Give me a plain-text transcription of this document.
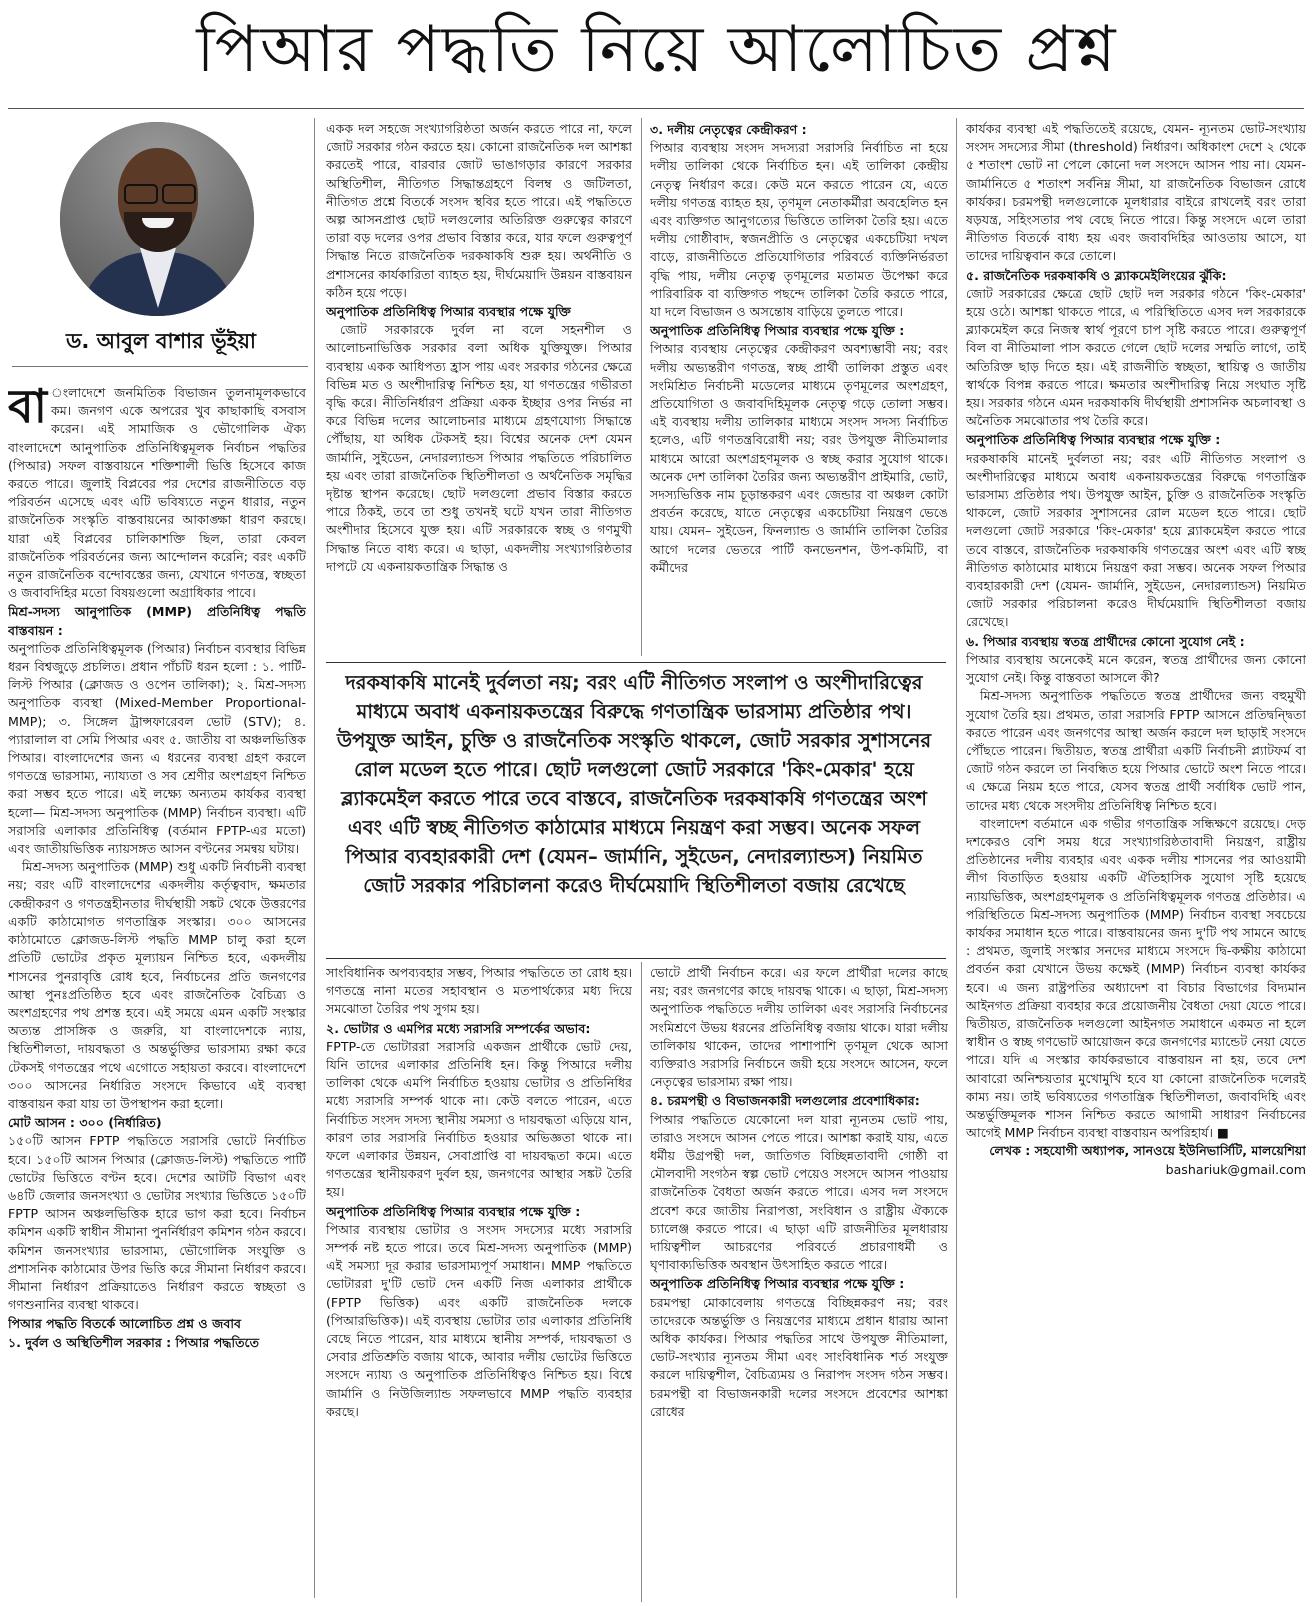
পিআর পদ্ধতি নিয়ে আলোচিত প্রশ্ন
ড. আবুল বাশার ভূঁইয়া

বা ংলাদেশে জনমিতিক বিভাজন তুলনামূলকভাবে কম। জনগণ একে অপরের খুব কাছাকাছি বসবাস করেন। এই সামাজিক ও ভৌগোলিক ঐক্য বাংলাদেশে আনুপাতিক প্রতিনিধিত্বমূলক নির্বাচন পদ্ধতির (পিআর) সফল বাস্তবায়নে শক্তিশালী ভিত্তি হিসেবে কাজ করতে পারে। জুলাই বিপ্লবের পর দেশের রাজনীতিতে বড় পরিবর্তন এসেছে এবং এটি ভবিষ্যতে নতুন ধারার, নতুন রাজনৈতিক সংস্কৃতি বাস্তবায়নের আকাঙ্ক্ষা ধারণ করছে। যারা এই বিপ্লবের চালিকাশক্তি ছিল, তারা কেবল রাজনৈতিক পরিবর্তনের জন্য আন্দোলন করেনি; বরং একটি নতুন রাজনৈতিক বন্দোবস্তের জন্য, যেখানে গণতন্ত্র, স্বচ্ছতা ও জবাবদিহির মতো বিষয়গুলো অগ্রাধিকার পাবে।

মিশ্র-সদস্য আনুপাতিক (MMP) প্রতিনিধিত্ব পদ্ধতি বাস্তবায়ন :

অনুপাতিক প্রতিনিধিত্বমূলক (পিআর) নির্বাচন ব্যবস্থার বিভিন্ন ধরন বিশ্বজুড়ে প্রচলিত। প্রধান পাঁচটি ধরন হলো : ১. পার্টি-লিস্ট পিআর (ক্লোজড ও ওপেন তালিকা); ২. মিশ্র-সদস্য অনুপাতিক ব্যবস্থা (Mixed-Member Proportional-MMP); ৩. সিঙ্গেল ট্রান্সফারেবল ভোট (STV); ৪. প্যারালাল বা সেমি পিআর এবং ৫. জাতীয় বা অঞ্চলভিত্তিক পিআর। বাংলাদেশের জন্য এ ধরনের ব্যবস্থা গ্রহণ করলে গণতন্ত্রে ভারসাম্য, ন্যায্যতা ও সব শ্রেণীর অংশগ্রহণ নিশ্চিত করা সম্ভব হতে পারে। এই লক্ষ্যে অন্যতম কার্যকর ব্যবস্থা হলো— মিশ্র-সদস্য অনুপাতিক (MMP) নির্বাচন ব্যবস্থা। এটি সরাসরি এলাকার প্রতিনিধিত্ব (বর্তমান FPTP-এর মতো) এবং জাতীয়ভিত্তিক ন্যায়সঙ্গত আসন বণ্টনের সমন্বয় ঘটায়।

মিশ্র-সদস্য অনুপাতিক (MMP) শুধু একটি নির্বাচনী ব্যবস্থা নয়; বরং এটি বাংলাদেশের একদলীয় কর্তৃত্ববাদ, ক্ষমতার কেন্দ্রীকরণ ও গণতন্ত্রহীনতার দীর্ঘস্থায়ী সঙ্কট থেকে উত্তরণের একটি কাঠামোগত গণতান্ত্রিক সংস্কার। ৩০০ আসনের কাঠামোতে ক্লোজড-লিস্ট পদ্ধতি MMP চালু করা হলে প্রতিটি ভোটের প্রকৃত মূল্যায়ন নিশ্চিত হবে, একদলীয় শাসনের পুনরাবৃত্তি রোধ হবে, নির্বাচনের প্রতি জনগণের আস্থা পুনঃপ্রতিষ্ঠিত হবে এবং রাজনৈতিক বৈচিত্র্য ও অংশগ্রহণের পথ প্রশস্ত হবে। এই সময়ে এমন একটি সংস্কার অত্যন্ত প্রাসঙ্গিক ও জরুরি, যা বাংলাদেশকে ন্যায়, স্থিতিশীলতা, দায়বদ্ধতা ও অন্তর্ভুক্তির ভারসাম্য রক্ষা করে টেকসই গণতন্ত্রের পথে এগোতে সহায়তা করবে। বাংলাদেশে ৩০০ আসনের নির্ধারিত সংসদে কিভাবে এই ব্যবস্থা বাস্তবায়ন করা যায় তা উপস্থাপন করা হলো।

মোট আসন : ৩০০ (নির্ধারিত)

১৫০টি আসন FPTP পদ্ধতিতে সরাসরি ভোটে নির্বাচিত হবে। ১৫০টি আসন পিআর (ক্লোজড-লিস্ট) পদ্ধতিতে পার্টি ভোটের ভিত্তিতে বণ্টন হবে। দেশের আটটি বিভাগ এবং ৬৪টি জেলার জনসংখ্যা ও ভোটার সংখ্যার ভিত্তিতে ১৫০টি FPTP আসন অঞ্চলভিত্তিক হারে ভাগ করা হবে। নির্বাচন কমিশন একটি স্বাধীন সীমানা পুনর্নির্ধারণ কমিশন গঠন করবে। কমিশন জনসংখ্যার ভারসাম্য, ভৌগোলিক সংযুক্তি ও প্রশাসনিক কাঠামোর উপর ভিত্তি করে সীমানা নির্ধারণ করবে। সীমানা নির্ধারণ প্রক্রিয়াতেও নির্ধারণ করতে স্বচ্ছতা ও গণশুনানির ব্যবস্থা থাকবে।

পিআর পদ্ধতি বিতর্কে আলোচিত প্রশ্ন ও জবাব

১. দুর্বল ও অস্থিতিশীল সরকার : পিআর পদ্ধতিতে

একক দল সহজে সংখ্যাগরিষ্ঠতা অর্জন করতে পারে না, ফলে জোট সরকার গঠন করতে হয়। কোনো রাজনৈতিক দল আশঙ্কা করতেই পারে, বারবার জোট ভাঙাগড়ার কারণে সরকার অস্থিতিশীল, নীতিগত সিদ্ধান্তগ্রহণে বিলম্ব ও জটিলতা, নীতিগত প্রশ্নে বিতর্কে সংসদ স্থবির হতে পারে। এই পদ্ধতিতে অল্প আসনপ্রাপ্ত ছোট দলগুলোর অতিরিক্ত গুরুত্বের কারণে তারা বড় দলের ওপর প্রভাব বিস্তার করে, যার ফলে গুরুত্বপূর্ণ সিদ্ধান্ত নিতে রাজনৈতিক দরকষাকষি শুরু হয়। অর্থনীতি ও প্রশাসনের কার্যকারিতা ব্যাহত হয়, দীর্ঘমেয়াদি উন্নয়ন বাস্তবায়ন কঠিন হয়ে পড়ে।

অনুপাতিক প্রতিনিধিত্ব পিআর ব্যবস্থার পক্ষে যুক্তি

জোট সরকারকে দুর্বল না বলে সহনশীল ও আলোচনাভিত্তিক সরকার বলা অধিক যুক্তিযুক্ত। পিআর ব্যবস্থায় একক আধিপত্য হ্রাস পায় এবং সরকার গঠনের ক্ষেত্রে বিভিন্ন মত ও অংশীদারিত্ব নিশ্চিত হয়, যা গণতন্ত্রের গভীরতা বৃদ্ধি করে। নীতিনির্ধারণ প্রক্রিয়া একক ইচ্ছার ওপর নির্ভর না করে বিভিন্ন দলের আলোচনার মাধ্যমে গ্রহণযোগ্য সিদ্ধান্তে পৌঁছায়, যা অধিক টেকসই হয়। বিশ্বের অনেক দেশ যেমন জার্মানি, সুইডেন, নেদারল্যান্ডস পিআর পদ্ধতিতে পরিচালিত হয় এবং তারা রাজনৈতিক স্থিতিশীলতা ও অর্থনৈতিক সমৃদ্ধির দৃষ্টান্ত স্থাপন করেছে। ছোট দলগুলো প্রভাব বিস্তার করতে পারে ঠিকই, তবে তা শুধু তখনই ঘটে যখন তারা নীতিগত অংশীদার হিসেবে যুক্ত হয়। এটি সরকারকে স্বচ্ছ ও গণমুখী সিদ্ধান্ত নিতে বাধ্য করে। এ ছাড়া, একদলীয় সংখ্যাগরিষ্ঠতার দাপটে যে একনায়কতান্ত্রিক সিদ্ধান্ত ও

৩. দলীয় নেতৃত্বের কেন্দ্রীকরণ :

পিআর ব্যবস্থায় সংসদ সদস্যরা সরাসরি নির্বাচিত না হয়ে দলীয় তালিকা থেকে নির্বাচিত হন। এই তালিকা কেন্দ্রীয় নেতৃত্ব নির্ধারণ করে। কেউ মনে করতে পারেন যে, এতে দলীয় গণতন্ত্র ব্যাহত হয়, তৃণমূল নেতাকর্মীরা অবহেলিত হন এবং ব্যক্তিগত আনুগত্যের ভিত্তিতে তালিকা তৈরি হয়। এতে দলীয় গোষ্ঠীবাদ, স্বজনপ্রীতি ও নেতৃত্বের একচেটিয়া দখল বাড়ে, রাজনীতিতে প্রতিযোগিতার পরিবর্তে ব্যক্তিনির্ভরতা বৃদ্ধি পায়, দলীয় নেতৃত্ব তৃণমূলের মতামত উপেক্ষা করে পারিবারিক বা ব্যক্তিগত পছন্দে তালিকা তৈরি করতে পারে, যা দলে বিভাজন ও অসন্তোষ বাড়িয়ে তুলতে পারে।

অনুপাতিক প্রতিনিধিত্ব পিআর ব্যবস্থার পক্ষে যুক্তি :

পিআর ব্যবস্থায় নেতৃত্বের কেন্দ্রীকরণ অবশ্যম্ভাবী নয়; বরং দলীয় অভ্যন্তরীণ গণতন্ত্র, স্বচ্ছ প্রার্থী তালিকা প্রস্তুত এবং সংমিশ্রিত নির্বাচনী মডেলের মাধ্যমে তৃণমূলের অংশগ্রহণ, প্রতিযোগিতা ও জবাবদিহিমূলক নেতৃত্ব গড়ে তোলা সম্ভব। এই ব্যবস্থায় দলীয় তালিকার মাধ্যমে সংসদ সদস্য নির্বাচিত হলেও, এটি গণতন্ত্রবিরোধী নয়; বরং উপযুক্ত নীতিমালার মাধ্যমে আরো অংশগ্রহণমূলক ও স্বচ্ছ করার সুযোগ থাকে। অনেক দেশ তালিকা তৈরির জন্য অভ্যন্তরীণ প্রাইমারি, ভোট, সদস্যভিত্তিক নাম চূড়ান্তকরণ এবং জেন্ডার বা অঞ্চল কোটা প্রবর্তন করেছে, যাতে নেতৃত্বের একচেটিয়া নিয়ন্ত্রণ ভেঙে যায়। যেমন– সুইডেন, ফিনল্যান্ড ও জার্মানি তালিকা তৈরির আগে দলের ভেতরে পার্টি কনভেনশন, উপ-কমিটি, বা কর্মীদের

দরকষাকষি মানেই দুর্বলতা নয়; বরং এটি নীতিগত সংলাপ ও অংশীদারিত্বের মাধ্যমে অবাধ একনায়কতন্ত্রের বিরুদ্ধে গণতান্ত্রিক ভারসাম্য প্রতিষ্ঠার পথ। উপযুক্ত আইন, চুক্তি ও রাজনৈতিক সংস্কৃতি থাকলে, জোট সরকার সুশাসনের রোল মডেল হতে পারে। ছোট দলগুলো জোট সরকারে 'কিং-মেকার' হয়ে ব্ল্যাকমেইল করতে পারে তবে বাস্তবে, রাজনৈতিক দরকষাকষি গণতন্ত্রের অংশ এবং এটি স্বচ্ছ নীতিগত কাঠামোর মাধ্যমে নিয়ন্ত্রণ করা সম্ভব। অনেক সফল পিআর ব্যবহারকারী দেশ (যেমন– জার্মানি, সুইডেন, নেদারল্যান্ডস) নিয়মিত জোট সরকার পরিচালনা করেও দীর্ঘমেয়াদি স্থিতিশীলতা বজায় রেখেছে

সাংবিধানিক অপব্যবহার সম্ভব, পিআর পদ্ধতিতে তা রোধ হয়। গণতন্ত্রে নানা মতের সহাবস্থান ও মতপার্থক্যের মধ্য দিয়ে সমঝোতা তৈরির পথ সুগম হয়।

২. ভোটার ও এমপির মধ্যে সরাসরি সম্পর্কের অভাব:

FPTP-তে ভোটাররা সরাসরি একজন প্রার্থীকে ভোট দেয়, যিনি তাদের এলাকার প্রতিনিধি হন। কিন্তু পিআরে দলীয় তালিকা থেকে এমপি নির্বাচিত হওয়ায় ভোটার ও প্রতিনিধির মধ্যে সরাসরি সম্পর্ক থাকে না। কেউ বলতে পারেন, এতে নির্বাচিত সংসদ সদস্য স্থানীয় সমস্যা ও দায়বদ্ধতা এড়িয়ে যান, কারণ তার সরাসরি নির্বাচিত হওয়ার অভিজ্ঞতা থাকে না। ফলে এলাকার উন্নয়ন, সেবাপ্রাপ্তি বা দায়বদ্ধতা কমে। এতে গণতন্ত্রের স্থানীয়করণ দুর্বল হয়, জনগণের আস্থার সঙ্কট তৈরি হয়।

অনুপাতিক প্রতিনিধিত্ব পিআর ব্যবস্থার পক্ষে যুক্তি :

পিআর ব্যবস্থায় ভোটার ও সংসদ সদস্যের মধ্যে সরাসরি সম্পর্ক নষ্ট হতে পারে। তবে মিশ্র-সদস্য অনুপাতিক (MMP) এই সমস্যা দূর করার ভারসাম্যপূর্ণ সমাধান। MMP পদ্ধতিতে ভোটাররা দু'টি ভোট দেন একটি নিজ এলাকার প্রার্থীকে (FPTP ভিত্তিক) এবং একটি রাজনৈতিক দলকে (পিআরভিত্তিক)। এই ব্যবস্থায় ভোটার তার এলাকার প্রতিনিধি বেছে নিতে পারেন, যার মাধ্যমে স্থানীয় সম্পর্ক, দায়বদ্ধতা ও সেবার প্রতিশ্রুতি বজায় থাকে, আবার দলীয় ভোটের ভিত্তিতে সংসদে ন্যায্য ও অনুপাতিক প্রতিনিধিত্বও নিশ্চিত হয়। বিশ্বে জার্মানি ও নিউজিল্যান্ড সফলভাবে MMP পদ্ধতি ব্যবহার করছে।

ভোটে প্রার্থী নির্বাচন করে। এর ফলে প্রার্থীরা দলের কাছে নয়; বরং জনগণের কাছে দায়বদ্ধ থাকে। এ ছাড়া, মিশ্র-সদস্য অনুপাতিক পদ্ধতিতে দলীয় তালিকা এবং সরাসরি নির্বাচনের সংমিশ্রণে উভয় ধরনের প্রতিনিধিত্ব বজায় থাকে। যারা দলীয় তালিকায় থাকেন, তাদের পাশাপাশি তৃণমূল থেকে আসা ব্যক্তিরাও সরাসরি নির্বাচনে জয়ী হয়ে সংসদে আসেন, ফলে নেতৃত্বের ভারসাম্য রক্ষা পায়।

৪. চরমপন্থী ও বিভাজনকারী দলগুলোর প্রবেশাধিকার:

পিআর পদ্ধতিতে যেকোনো দল যারা ন্যূনতম ভোট পায়, তারাও সংসদে আসন পেতে পারে। আশঙ্কা করাই যায়, এতে ধর্মীয় উগ্রপন্থী দল, জাতিগত বিচ্ছিন্নতাবাদী গোষ্ঠী বা মৌলবাদী সংগঠন স্বল্প ভোট পেয়েও সংসদে আসন পাওয়ায় রাজনৈতিক বৈধতা অর্জন করতে পারে। এসব দল সংসদে প্রবেশ করে জাতীয় নিরাপত্তা, সংবিধান ও রাষ্ট্রীয় ঐক্যকে চ্যালেঞ্জ করতে পারে। এ ছাড়া এটি রাজনীতির মূলধারায় দায়িত্বশীল আচরণের পরিবর্তে প্রচারণাধর্মী ও ঘৃণাবাক্যভিত্তিক অবস্থান উৎসাহিত করতে পারে।

অনুপাতিক প্রতিনিধিত্ব পিআর ব্যবস্থার পক্ষে যুক্তি :

চরমপন্থা মোকাবেলায় গণতন্ত্রে বিচ্ছিন্নকরণ নয়; বরং তাদেরকে অন্তর্ভুক্তি ও নিয়ন্ত্রণের মাধ্যমে প্রধান ধারায় আনা অধিক কার্যকর। পিআর পদ্ধতির সাথে উপযুক্ত নীতিমালা, ভোট-সংখ্যার ন্যূনতম সীমা এবং সাংবিধানিক শর্ত সংযুক্ত করলে দায়িত্বশীল, বৈচিত্র্যময় ও নিরাপদ সংসদ গঠন সম্ভব। চরমপন্থী বা বিভাজনকারী দলের সংসদে প্রবেশের আশঙ্কা রোধের

কার্যকর ব্যবস্থা এই পদ্ধতিতেই রয়েছে, যেমন- ন্যূনতম ভোট-সংখ্যায় সংসদ সদস্যের সীমা (threshold) নির্ধারণ। অধিকাংশ দেশে ২ থেকে ৫ শতাংশ ভোট না পেলে কোনো দল সংসদে আসন পায় না। যেমন- জার্মানিতে ৫ শতাংশ সর্বনিম্ন সীমা, যা রাজনৈতিক বিভাজন রোধে কার্যকর। চরমপন্থী দলগুলোকে মূলধারার বাইরে রাখলেই বরং তারা ষড়যন্ত্র, সহিংসতার পথ বেছে নিতে পারে। কিন্তু সংসদে এলে তারা নীতিগত বিতর্কে বাধ্য হয় এবং জবাবদিহির আওতায় আসে, যা তাদের দায়িত্ববান করে তোলে।

৫. রাজনৈতিক দরকষাকষি ও ব্ল্যাকমেইলিংয়ের ঝুঁকি:

জোট সরকারের ক্ষেত্রে ছোট ছোট দল সরকার গঠনে 'কিং-মেকার' হয়ে ওঠে। আশঙ্কা থাকতে পারে, এ পরিস্থিতিতে এসব দল সরকারকে ব্ল্যাকমেইল করে নিজস্ব স্বার্থ পূরণে চাপ সৃষ্টি করতে পারে। গুরুত্বপূর্ণ বিল বা নীতিমালা পাস করতে গেলে ছোট দলের সম্মতি লাগে, তাই অতিরিক্ত ছাড় দিতে হয়। এই রাজনীতি স্বচ্ছতা, স্থায়িত্ব ও জাতীয় স্বার্থকে বিপন্ন করতে পারে। ক্ষমতার অংশীদারিত্ব নিয়ে সংঘাত সৃষ্টি হয়। সরকার গঠনে এমন দরকষাকষি দীর্ঘস্থায়ী প্রশাসনিক অচলাবস্থা ও অনৈতিক সমঝোতার পথ তৈরি করে।

অনুপাতিক প্রতিনিধিত্ব পিআর ব্যবস্থার পক্ষে যুক্তি :

দরকষাকষি মানেই দুর্বলতা নয়; বরং এটি নীতিগত সংলাপ ও অংশীদারিত্বের মাধ্যমে অবাধ একনায়কতন্ত্রের বিরুদ্ধে গণতান্ত্রিক ভারসাম্য প্রতিষ্ঠার পথ। উপযুক্ত আইন, চুক্তি ও রাজনৈতিক সংস্কৃতি থাকলে, জোট সরকার সুশাসনের রোল মডেল হতে পারে। ছোট দলগুলো জোট সরকারে 'কিং-মেকার' হয়ে ব্ল্যাকমেইল করতে পারে তবে বাস্তবে, রাজনৈতিক দরকষাকষি গণতন্ত্রের অংশ এবং এটি স্বচ্ছ নীতিগত কাঠামোর মাধ্যমে নিয়ন্ত্রণ করা সম্ভব। অনেক সফল পিআর ব্যবহারকারী দেশ (যেমন- জার্মানি, সুইডেন, নেদারল্যান্ডস) নিয়মিত জোট সরকার পরিচালনা করেও দীর্ঘমেয়াদি স্থিতিশীলতা বজায় রেখেছে।

৬. পিআর ব্যবস্থায় স্বতন্ত্র প্রার্থীদের কোনো সুযোগ নেই :

পিআর ব্যবস্থায় অনেকেই মনে করেন, স্বতন্ত্র প্রার্থীদের জন্য কোনো সুযোগ নেই। কিন্তু বাস্তবতা আসলে কী?

মিশ্র-সদস্য অনুপাতিক পদ্ধতিতে স্বতন্ত্র প্রার্থীদের জন্য বহুমুখী সুযোগ তৈরি হয়। প্রথমত, তারা সরাসরি FPTP আসনে প্রতিদ্বন্দ্বিতা করতে পারেন এবং জনগণের আস্থা অর্জন করলে দল ছাড়াই সংসদে পৌঁছতে পারেন। দ্বিতীয়ত, স্বতন্ত্র প্রার্থীরা একটি নির্বাচনী প্ল্যাটফর্ম বা জোট গঠন করলে তা নিবন্ধিত হয়ে পিআর ভোটে অংশ নিতে পারে। এ ক্ষেত্রে নিয়ম হতে পারে, যেসব স্বতন্ত্র প্রার্থী সর্বাধিক ভোট পান, তাদের মধ্য থেকে সংসদীয় প্রতিনিধিত্ব নিশ্চিত হবে।

বাংলাদেশ বর্তমানে এক গভীর গণতান্ত্রিক সন্ধিক্ষণে রয়েছে। দেড় দশকেরও বেশি সময় ধরে সংখ্যাগরিষ্ঠতাবাদী নিয়ন্ত্রণ, রাষ্ট্রীয় প্রতিষ্ঠানের দলীয় ব্যবহার এবং একক দলীয় শাসনের পর আওয়ামী লীগ বিতাড়িত হওয়ায় একটি ঐতিহাসিক সুযোগ সৃষ্টি হয়েছে ন্যায়ভিত্তিক, অংশগ্রহণমূলক ও প্রতিনিধিত্বমূলক গণতন্ত্র প্রতিষ্ঠার। এ পরিস্থিতিতে মিশ্র-সদস্য অনুপাতিক (MMP) নির্বাচন ব্যবস্থা সবচেয়ে কার্যকর সমাধান হতে পারে। বাস্তবায়নের জন্য দু'টি পথ সামনে আছে : প্রথমত, জুলাই সংস্কার সনদের মাধ্যমে সংসদে দ্বি-কক্ষীয় কাঠামো প্রবর্তন করা যেখানে উভয় কক্ষেই (MMP) নির্বাচন ব্যবস্থা কার্যকর হবে। এ জন্য রাষ্ট্রপতির অধ্যাদেশ বা বিচার বিভাগের বিদ্যমান আইনগত প্রক্রিয়া ব্যবহার করে প্রয়োজনীয় বৈধতা দেয়া যেতে পারে। দ্বিতীয়ত, রাজনৈতিক দলগুলো আইনগত সমাধানে একমত না হলে স্বাধীন ও স্বচ্ছ গণভোট আয়োজন করে জনগণের ম্যান্ডেট নেয়া যেতে পারে। যদি এ সংস্কার কার্যকরভাবে বাস্তবায়ন না হয়, তবে দেশ আবারো অনিশ্চয়তার মুখোমুখি হবে যা কোনো রাজনৈতিক দলেরই কাম্য নয়। তাই ভবিষ্যতের গণতান্ত্রিক স্থিতিশীলতা, জবাবদিহি এবং অন্তর্ভুক্তিমূলক শাসন নিশ্চিত করতে আগামী সাধারণ নির্বাচনের আগেই MMP নির্বাচন ব্যবস্থা বাস্তবায়ন অপরিহার্য। ■

লেখক : সহযোগী অধ্যাপক, সানওয়ে ইউনিভার্সিটি, মালয়েশিয়া
bashariuk@gmail.com
